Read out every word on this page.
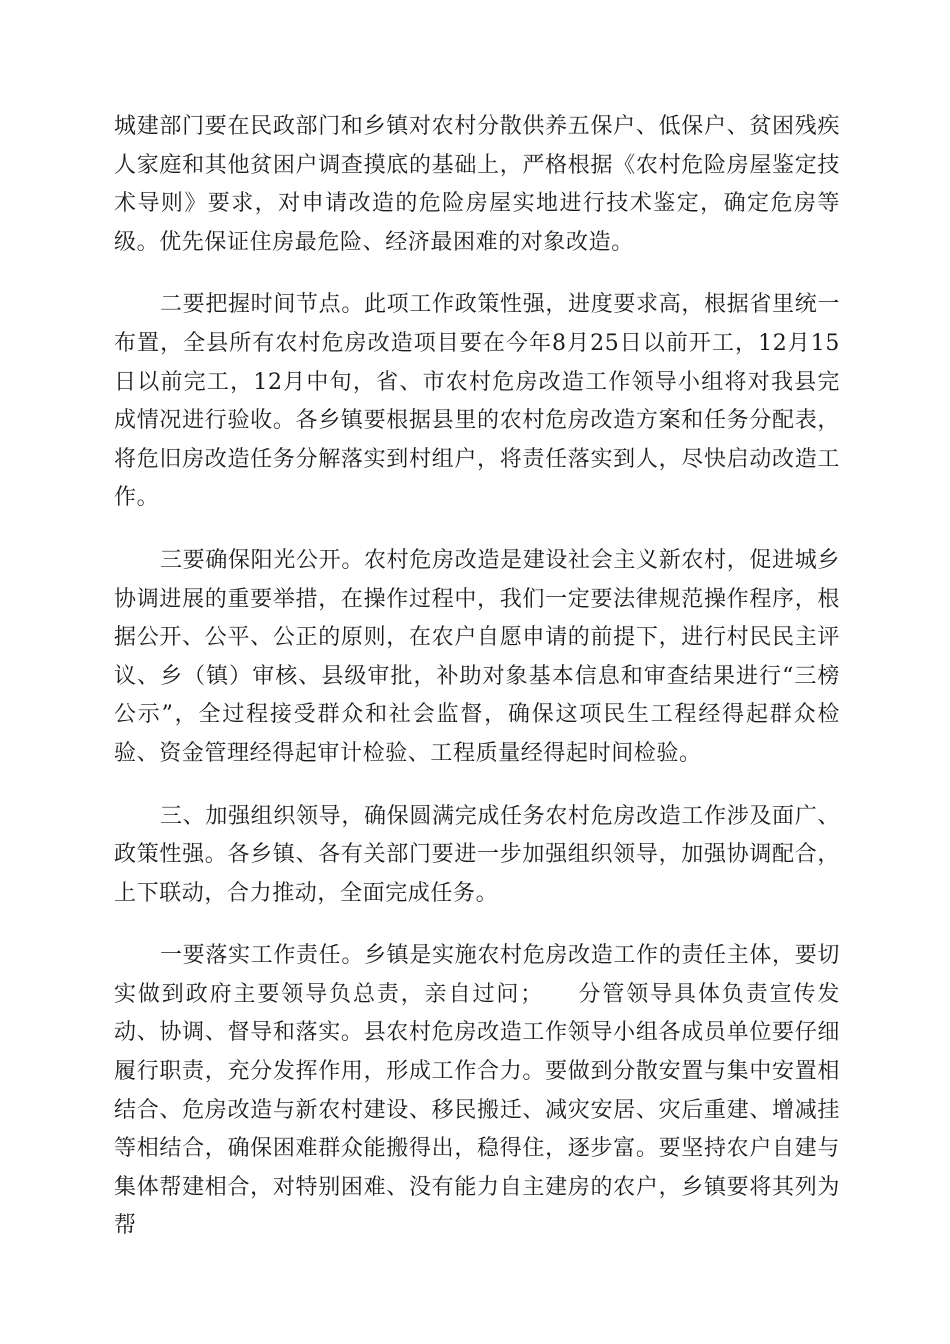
城建部门要在民政部门和乡镇对农村分散供养五保户、低保户、贫困残疾人家庭和其他贫困户调查摸底的基础上，严格根据《农村危险房屋鉴定技术导则》要求，对申请改造的危险房屋实地进行技术鉴定，确定危房等级。优先保证住房最危险、经济最困难的对象改造。

二要把握时间节点。此项工作政策性强，进度要求高，根据省里统一布置，全县所有农村危房改造项目要在今年8月25日以前开工，12月15日以前完工，12月中旬，省、市农村危房改造工作领导小组将对我县完成情况进行验收。各乡镇要根据县里的农村危房改造方案和任务分配表，将危旧房改造任务分解落实到村组户，将责任落实到人，尽快启动改造工作。

三要确保阳光公开。农村危房改造是建设社会主义新农村，促进城乡协调进展的重要举措，在操作过程中，我们一定要法律规范操作程序，根据公开、公平、公正的原则，在农户自愿申请的前提下，进行村民民主评议、乡（镇）审核、县级审批，补助对象基本信息和审查结果进行“三榜公示”，全过程接受群众和社会监督，确保这项民生工程经得起群众检验、资金管理经得起审计检验、工程质量经得起时间检验。

三、加强组织领导，确保圆满完成任务农村危房改造工作涉及面广、政策性强。各乡镇、各有关部门要进一步加强组织领导，加强协调配合，上下联动，合力推动，全面完成任务。

一要落实工作责任。乡镇是实施农村危房改造工作的责任主体，要切实做到政府主要领导负总责，亲自过问；    分管领导具体负责宣传发动、协调、督导和落实。县农村危房改造工作领导小组各成员单位要仔细履行职责，充分发挥作用，形成工作合力。要做到分散安置与集中安置相结合、危房改造与新农村建设、移民搬迁、减灾安居、灾后重建、增减挂等相结合，确保困难群众能搬得出，稳得住，逐步富。要坚持农户自建与集体帮建相合，对特别困难、没有能力自主建房的农户，乡镇要将其列为帮
